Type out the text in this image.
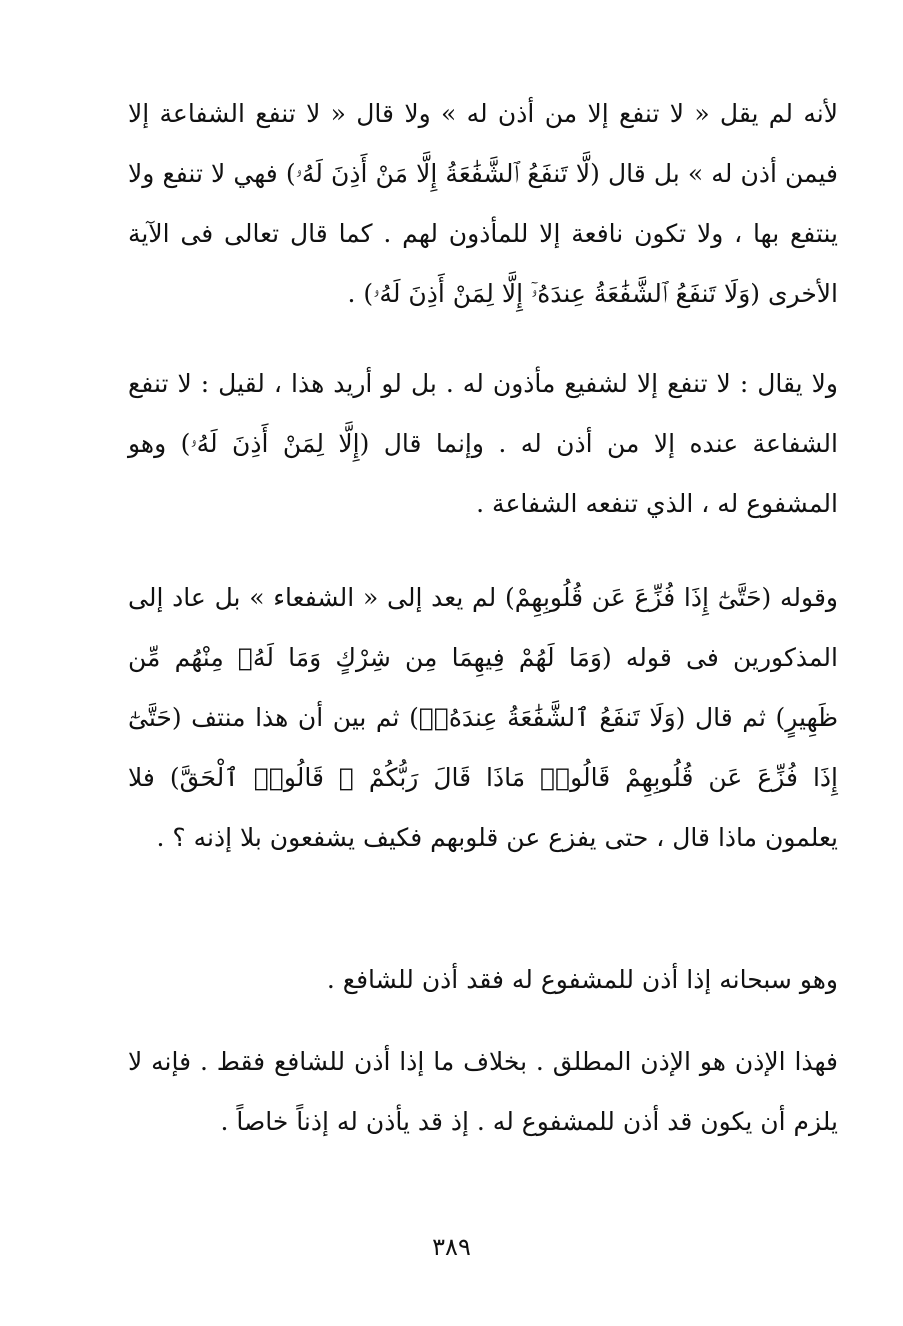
لأنه لم يقل « لا تنفع إلا من أذن له » ولا قال « لا تنفع الشفاعة إلا فيمن أذن له » بل قال (لَّا تَنفَعُ ٱلشَّفَٰعَةُ إِلَّا مَنْ أَذِنَ لَهُۥ) فهي لا تنفع ولا ينتفع بها ، ولا تكون نافعة إلا للمأذون لهم . كما قال تعالى فى الآية الأخرى (وَلَا تَنفَعُ ٱلشَّفَٰعَةُ عِندَهُۥٓ إِلَّا لِمَنْ أَذِنَ لَهُۥ) .

ولا يقال : لا تنفع إلا لشفيع مأذون له . بل لو أريد هذا ، لقيل : لا تنفع الشفاعة عنده إلا من أذن له . وإنما قال (إِلَّا لِمَنْ أَذِنَ لَهُۥ) وهو المشفوع له ، الذي تنفعه الشفاعة .

وقوله (حَتَّىٰٓ إِذَا فُزِّعَ عَن قُلُوبِهِمْ) لم يعد إلى « الشفعاء » بل عاد إلى المذكورين فى قوله (وَمَا لَهُمْ فِيهِمَا مِن شِرْكٍ وَمَا لَهُۥ مِنْهُم مِّن ظَهِيرٍ) ثم قال (وَلَا تَنفَعُ ٱلشَّفَٰعَةُ عِندَهُۥٓ) ثم بين أن هذا منتف (حَتَّىٰٓ إِذَا فُزِّعَ عَن قُلُوبِهِمْ قَالُوا۟ مَاذَا قَالَ رَبُّكُمْ ۖ قَالُوا۟ ٱلْحَقَّ) فلا يعلمون ماذا قال ، حتى يفزع عن قلوبهم فكيف يشفعون بلا إذنه ؟ .

وهو سبحانه إذا أذن للمشفوع له فقد أذن للشافع .

فهذا الإذن هو الإذن المطلق . بخلاف ما إذا أذن للشافع فقط . فإنه لا يلزم أن يكون قد أذن للمشفوع له . إذ قد يأذن له إذناً خاصاً .

٣٨٩
